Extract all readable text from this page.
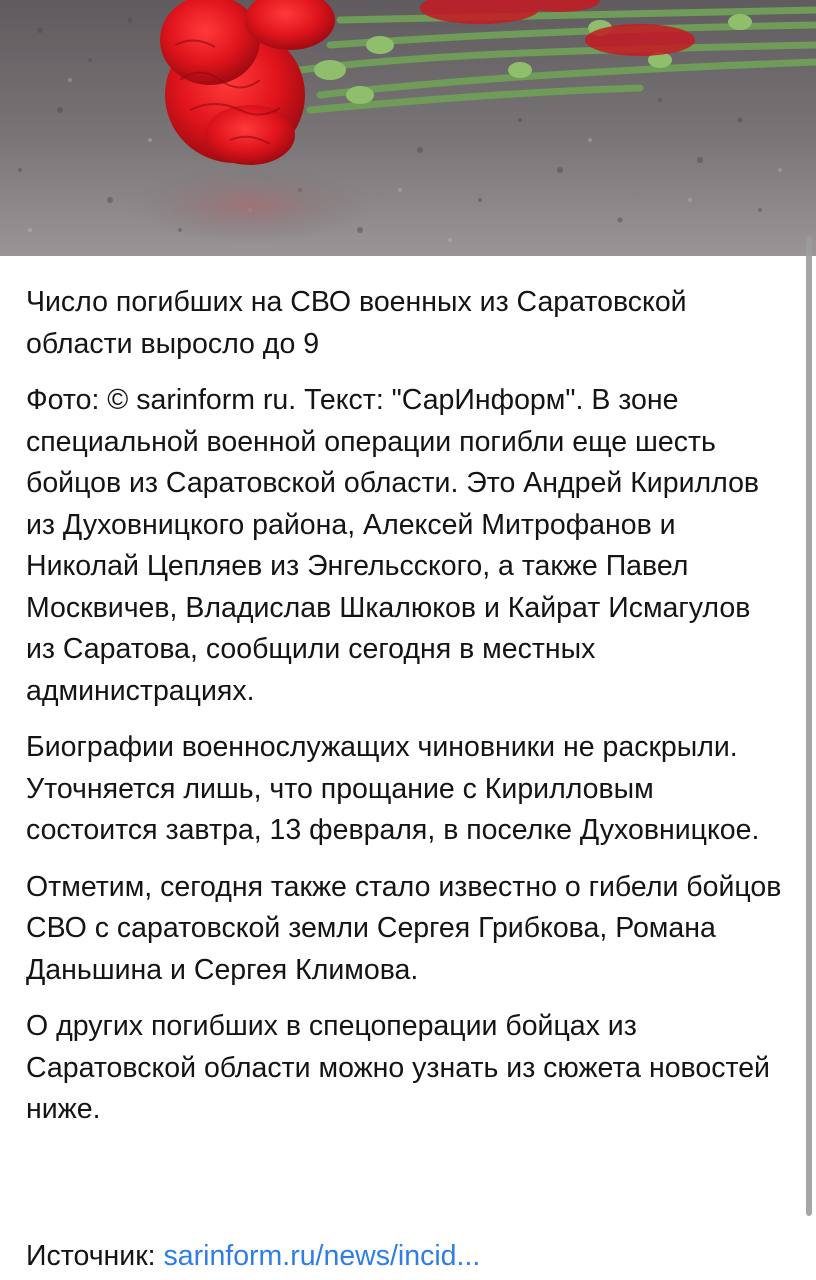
Число погибших на СВО военных из Саратовской области выросло до 9

Фото: © sarinform ru. Текст: "СарИнформ". В зоне специальной военной операции погибли еще шесть бойцов из Саратовской области. Это Андрей Кириллов из Духовницкого района, Алексей Митрофанов и Николай Цепляев из Энгельсского, а также Павел Москвичев, Владислав Шкалюков и Кайрат Исмагулов из Саратова, сообщили сегодня в местных администрациях.

Биографии военнослужащих чиновники не раскрыли. Уточняется лишь, что прощание с Кирилловым состоится завтра, 13 февраля, в поселке Духовницкое.

Отметим, сегодня также стало известно о гибели бойцов СВО с саратовской земли Сергея Грибкова, Романа Даньшина и Сергея Климова.

О других погибших в спецоперации бойцах из Саратовской области можно узнать из сюжета новостей ниже.

Источник: sarinform.ru/news/incid...
